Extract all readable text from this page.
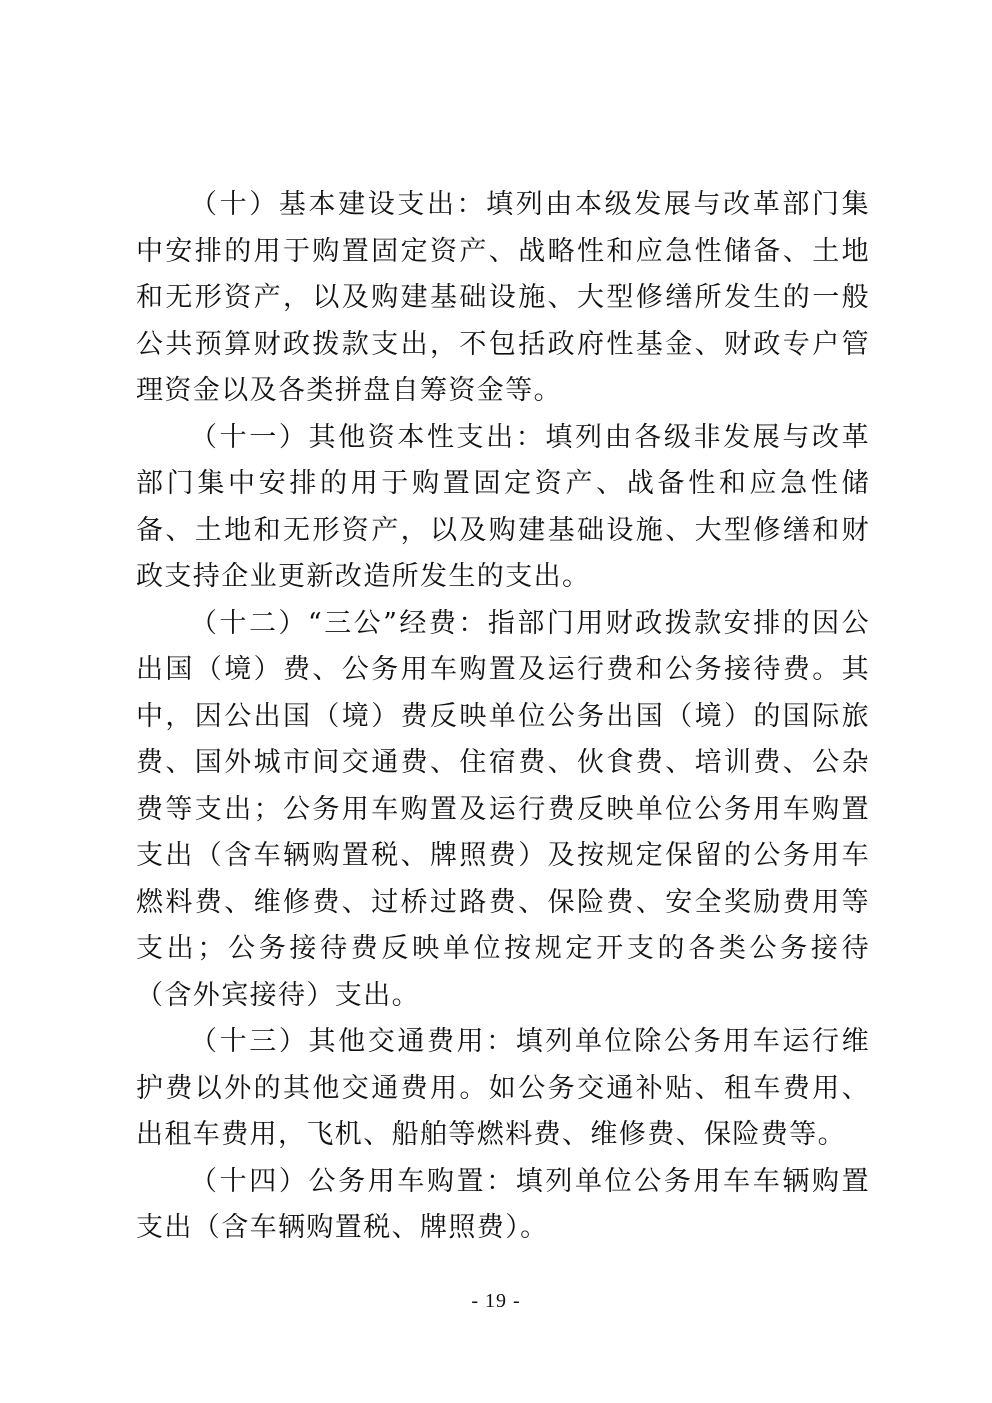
（十）基本建设支出：填列由本级发展与改革部门集中安排的用于购置固定资产、战略性和应急性储备、土地和无形资产，以及购建基础设施、大型修缮所发生的一般公共预算财政拨款支出，不包括政府性基金、财政专户管理资金以及各类拼盘自筹资金等。

（十一）其他资本性支出：填列由各级非发展与改革部门集中安排的用于购置固定资产、战备性和应急性储备、土地和无形资产，以及购建基础设施、大型修缮和财政支持企业更新改造所发生的支出。

（十二）“三公”经费：指部门用财政拨款安排的因公出国（境）费、公务用车购置及运行费和公务接待费。其中，因公出国（境）费反映单位公务出国（境）的国际旅费、国外城市间交通费、住宿费、伙食费、培训费、公杂费等支出；公务用车购置及运行费反映单位公务用车购置支出（含车辆购置税、牌照费）及按规定保留的公务用车燃料费、维修费、过桥过路费、保险费、安全奖励费用等支出；公务接待费反映单位按规定开支的各类公务接待（含外宾接待）支出。

（十三）其他交通费用：填列单位除公务用车运行维护费以外的其他交通费用。如公务交通补贴、租车费用、出租车费用，飞机、船舶等燃料费、维修费、保险费等。

（十四）公务用车购置：填列单位公务用车车辆购置支出（含车辆购置税、牌照费）。

- 19 -
